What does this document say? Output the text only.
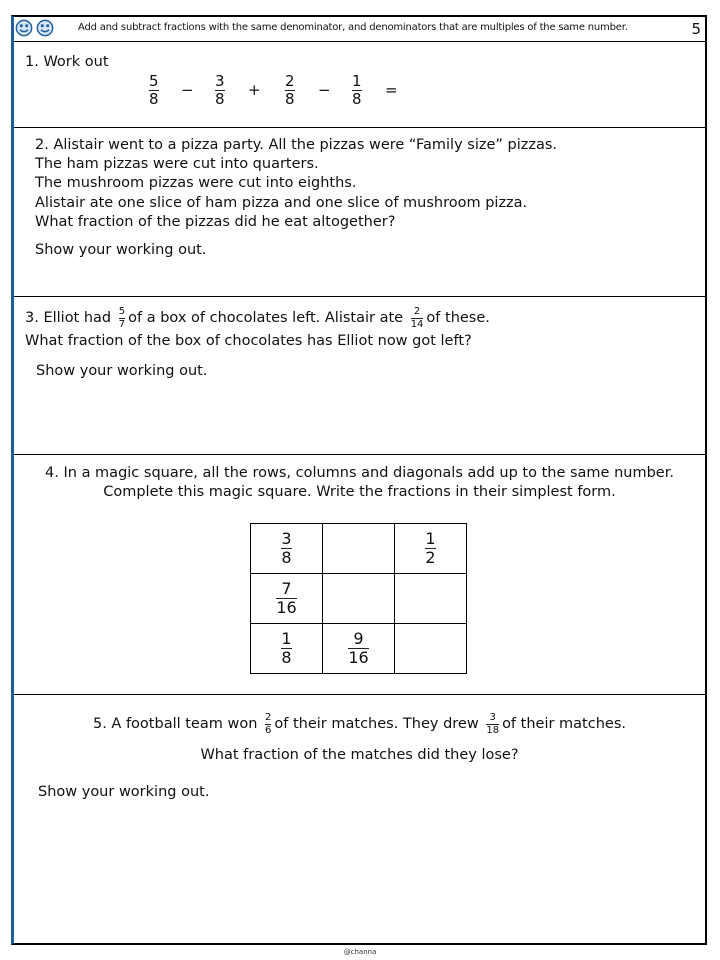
Add and subtract fractions with the same denominator, and denominators that are multiples of the same number.	5
1. Work out
5
8
− 3
8
+ 2
8
− 1
8
=
2. Alistair went to a pizza party. All the pizzas were “Family size” pizzas.
The ham pizzas were cut into quarters.
The mushroom pizzas were cut into eighths.
Alistair ate one slice of ham pizza and one slice of mushroom pizza.
What fraction of the pizzas did he eat altogether?
Show your working out.
3. Elliot had $\frac{5}{7}$ of a box of chocolates left. Alistair ate $\frac{2}{14}$ of these.
What fraction of the box of chocolates has Elliot now got left?
Show your working out.
4. In a magic square, all the rows, columns and diagonals add up to the same number.
Complete this magic square. Write the fractions in their simplest form.
5. A football team won $\frac{2}{6}$ of their matches. They drew $\frac{3}{18}$ of their matches.
What fraction of the matches did they lose?
Show your working out.
$\frac{3}{8}$		$\frac{1}{2}$

$\frac{7}{16}$

$\frac{1}{8}$	$\frac{9}{16}$

@channa
